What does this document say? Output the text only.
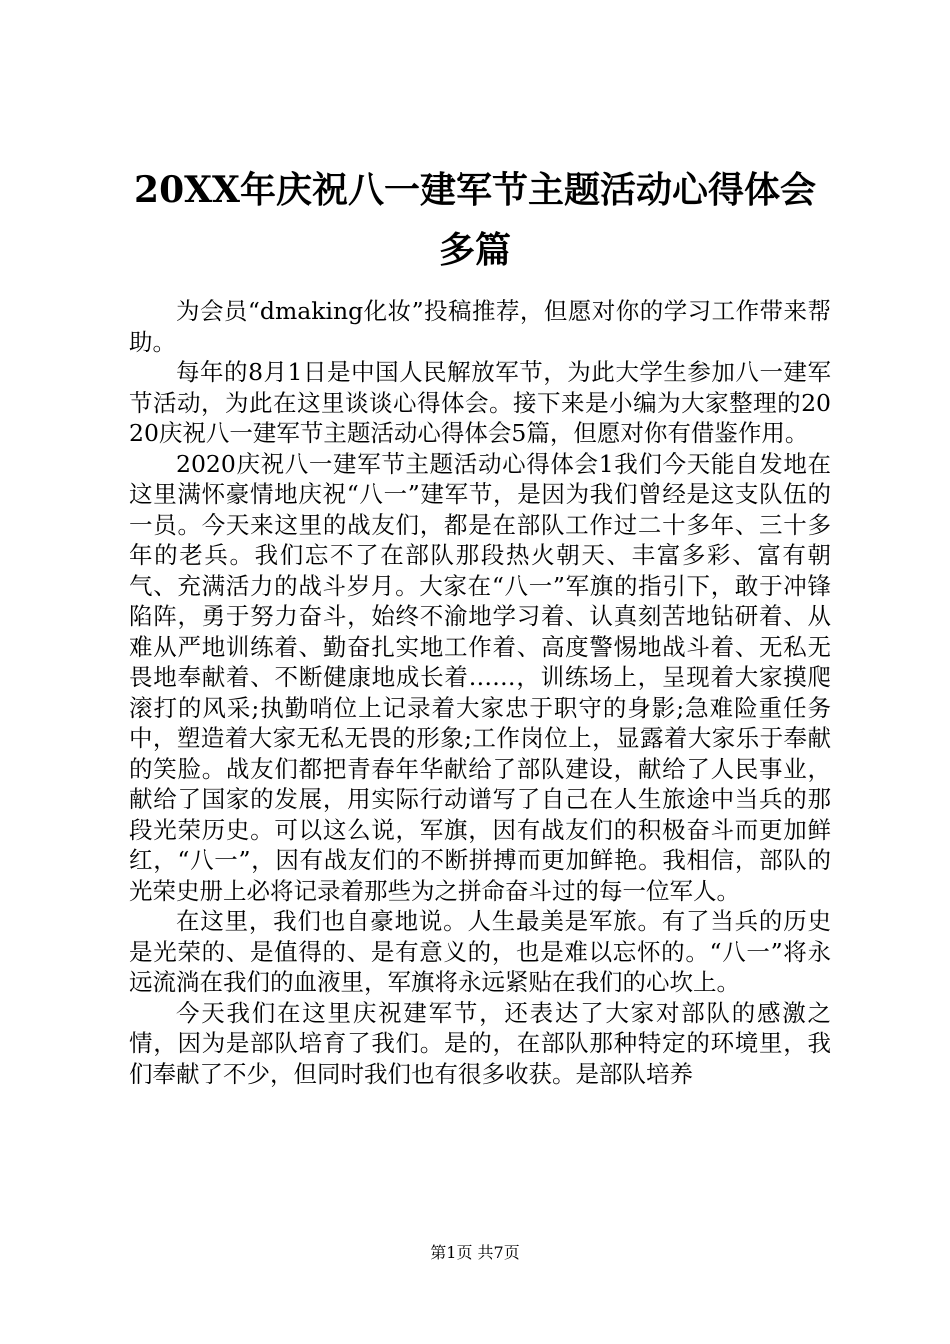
20XX年庆祝八一建军节主题活动心得体会多篇

为会员“dmaking化妆”投稿推荐，但愿对你的学习工作带来帮助。

每年的8月1日是中国人民解放军节，为此大学生参加八一建军节活动，为此在这里谈谈心得体会。接下来是小编为大家整理的2020庆祝八一建军节主题活动心得体会5篇，但愿对你有借鉴作用。

2020庆祝八一建军节主题活动心得体会1我们今天能自发地在这里满怀豪情地庆祝“八一”建军节，是因为我们曾经是这支队伍的一员。今天来这里的战友们，都是在部队工作过二十多年、三十多年的老兵。我们忘不了在部队那段热火朝天、丰富多彩、富有朝气、充满活力的战斗岁月。大家在“八一”军旗的指引下，敢于冲锋陷阵，勇于努力奋斗，始终不渝地学习着、认真刻苦地钻研着、从难从严地训练着、勤奋扎实地工作着、高度警惕地战斗着、无私无畏地奉献着、不断健康地成长着……，训练场上，呈现着大家摸爬滚打的风采;执勤哨位上记录着大家忠于职守的身影;急难险重任务中，塑造着大家无私无畏的形象;工作岗位上，显露着大家乐于奉献的笑脸。战友们都把青春年华献给了部队建设，献给了人民事业，献给了国家的发展，用实际行动谱写了自己在人生旅途中当兵的那段光荣历史。可以这么说，军旗，因有战友们的积极奋斗而更加鲜红，“八一”，因有战友们的不断拼搏而更加鲜艳。我相信，部队的光荣史册上必将记录着那些为之拼命奋斗过的每一位军人。

在这里，我们也自豪地说。人生最美是军旅。有了当兵的历史是光荣的、是值得的、是有意义的，也是难以忘怀的。“八一”将永远流淌在我们的血液里，军旗将永远紧贴在我们的心坎上。

今天我们在这里庆祝建军节，还表达了大家对部队的感激之情，因为是部队培育了我们。是的，在部队那种特定的环境里，我们奉献了不少，但同时我们也有很多收获。是部队培养

第1页 共7页
